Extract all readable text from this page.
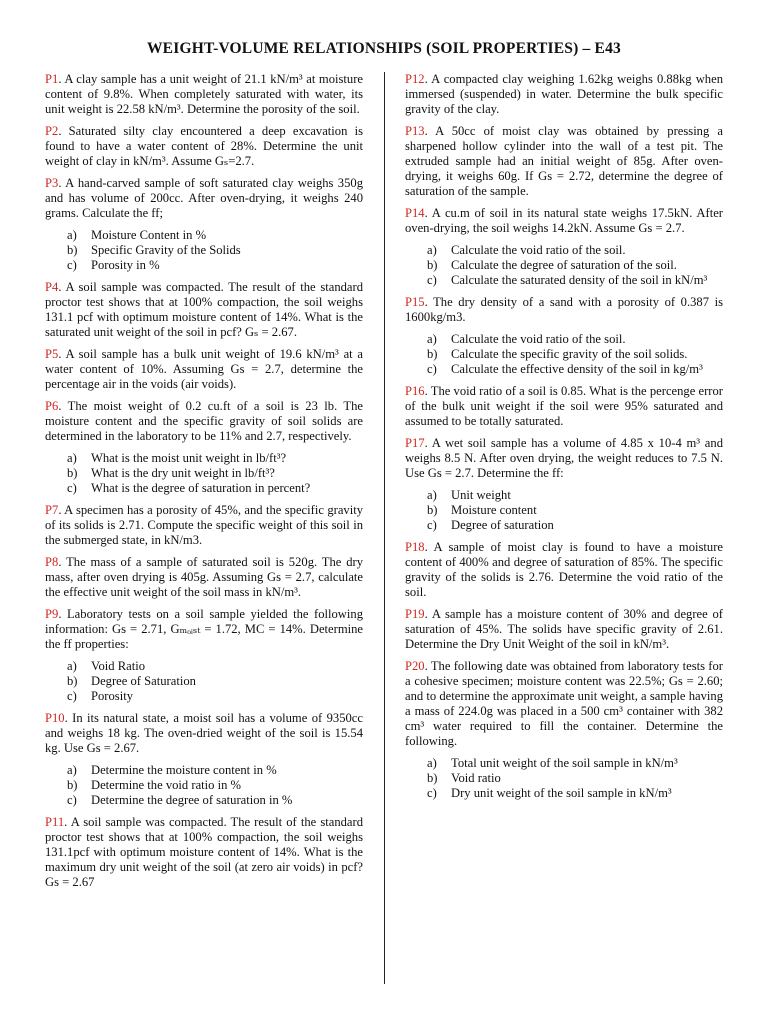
WEIGHT-VOLUME RELATIONSHIPS (SOIL PROPERTIES) – E43

P1. A clay sample has a unit weight of 21.1 kN/m³ at moisture content of 9.8%. When completely saturated with water, its unit weight is 22.58 kN/m³. Determine the porosity of the soil.

P2. Saturated silty clay encountered a deep excavation is found to have a water content of 28%. Determine the unit weight of clay in kN/m³. Assume Gₛ=2.7.

P3. A hand-carved sample of soft saturated clay weighs 350g and has volume of 200cc. After oven-drying, it weighs 240 grams. Calculate the ff;

a)	Moisture Content in %
b)	Specific Gravity of the Solids
c)	Porosity in %

P4. A soil sample was compacted. The result of the standard proctor test shows that at 100% compaction, the soil weighs 131.1 pcf with optimum moisture content of 14%. What is the saturated unit weight of the soil in pcf? Gₛ = 2.67.

P5. A soil sample has a bulk unit weight of 19.6 kN/m³ at a water content of 10%. Assuming Gs = 2.7, determine the percentage air in the voids (air voids).

P6. The moist weight of 0.2 cu.ft of a soil is 23 lb. The moisture content and the specific gravity of soil solids are determined in the laboratory to be 11% and 2.7, respectively.

a)	What is the moist unit weight in lb/ft³?
b)	What is the dry unit weight in lb/ft³?
c)	What is the degree of saturation in percent?

P7. A specimen has a porosity of 45%, and the specific gravity of its solids is 2.71. Compute the specific weight of this soil in the submerged state, in kN/m3.

P8. The mass of a sample of saturated soil is 520g. The dry mass, after oven drying is 405g. Assuming Gs = 2.7, calculate the effective unit weight of the soil mass in kN/m³.

P9. Laboratory tests on a soil sample yielded the following information: Gs = 2.71, Gₘₒᵢₛₜ = 1.72, MC = 14%. Determine the ff properties:

a)	Void Ratio
b)	Degree of Saturation
c)	Porosity

P10. In its natural state, a moist soil has a volume of 9350cc and weighs 18 kg. The oven-dried weight of the soil is 15.54 kg. Use Gs = 2.67.

a)	Determine the moisture content in %
b)	Determine the void ratio in %
c)	Determine the degree of saturation in %

P11. A soil sample was compacted. The result of the standard proctor test shows that at 100% compaction, the soil weighs 131.1pcf with optimum moisture content of 14%. What is the maximum dry unit weight of the soil (at zero air voids) in pcf? Gs = 2.67

P12. A compacted clay weighing 1.62kg weighs 0.88kg when immersed (suspended) in water. Determine the bulk specific gravity of the clay.

P13. A 50cc of moist clay was obtained by pressing a sharpened hollow cylinder into the wall of a test pit. The extruded sample had an initial weight of 85g. After oven-drying, it weighs 60g. If Gs = 2.72, determine the degree of saturation of the sample.

P14. A cu.m of soil in its natural state weighs 17.5kN. After oven-drying, the soil weighs 14.2kN. Assume Gs = 2.7.

a)	Calculate the void ratio of the soil.
b)	Calculate the degree of saturation of the soil.
c)	Calculate the saturated density of the soil in kN/m³

P15. The dry density of a sand with a porosity of 0.387 is 1600kg/m3.

a)	Calculate the void ratio of the soil.
b)	Calculate the specific gravity of the soil solids.
c)	Calculate the effective density of the soil in kg/m³

P16. The void ratio of a soil is 0.85. What is the percenge error of the bulk unit weight if the soil were 95% saturated and assumed to be totally saturated.

P17. A wet soil sample has a volume of 4.85 x 10-4 m³ and weighs 8.5 N. After oven drying, the weight reduces to 7.5 N. Use Gs = 2.7. Determine the ff:

a)	Unit weight
b)	Moisture content
c)	Degree of saturation

P18. A sample of moist clay is found to have a moisture content of 400% and degree of saturation of 85%. The specific gravity of the solids is 2.76. Determine the void ratio of the soil.

P19. A sample has a moisture content of 30% and degree of saturation of 45%. The solids have specific gravity of 2.61. Determine the Dry Unit Weight of the soil in kN/m³.

P20. The following date was obtained from laboratory tests for a cohesive specimen; moisture content was 22.5%; Gs = 2.60; and to determine the approximate unit weight, a sample having a mass of 224.0g was placed in a 500 cm³ container with 382 cm³ water required to fill the container. Determine the following.

a)	Total unit weight of the soil sample in kN/m³
b)	Void ratio
c)	Dry unit weight of the soil sample in kN/m³
